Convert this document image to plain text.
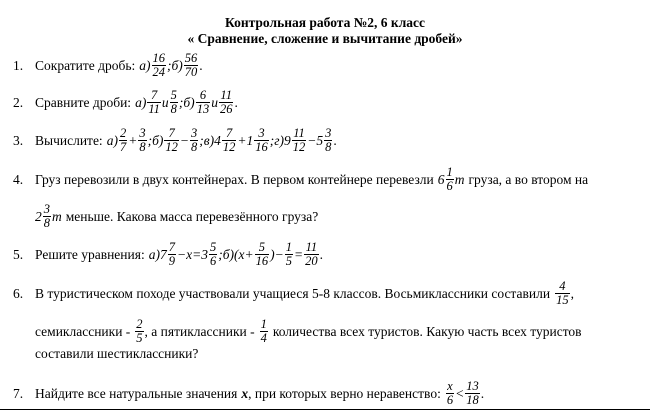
Контрольная работа №2, 6 класс
« Сравнение, сложение и вычитание дробей»
1. Сократите дробь: $а) \frac{16}{24}$ ; $б) \frac{56}{70}$ .
2. Сравните дроби: $а) \frac{7}{11}$ и $\frac{5}{8}$ ; $б) \frac{6}{13}$ и $\frac{11}{26}$ .
3. Вычислите: $а) \frac{2}{7} + \frac{3}{8}$ ; $б) \frac{7}{12} - \frac{3}{8}$ ; в) $4 \frac{7}{12} + 1 \frac{3}{16}$ ; г) $9 \frac{11}{12} - 5 \frac{3}{8}$ .
4. Груз перевозили в двух контейнерах. В первом контейнере перевезли $6 \frac{1}{6}$ т груза, а во втором на
$2 \frac{3}{8}$ т меньше. Какова масса перевезённого груза?
5. Решите уравнения: а) $7 \frac{7}{9} - x = 3 \frac{5}{6}$ ; б) ( $x + \frac{5}{16}$ ) − $\frac{1}{5} = \frac{11}{20}$ .
6. В туристическом походе участвовали учащиеся 5-8 классов. Восьмиклассники составили $\frac{4}{15}$ ,
семиклассники - $\frac{2}{5}$ , а пятиклассники - $\frac{1}{4}$ количества всех туристов. Какую часть всех туристов
составили шестиклассники?
7. Найдите все натуральные значения x , при которых верно неравенство: $\frac{x}{6} < \frac{13}{18}$ .
